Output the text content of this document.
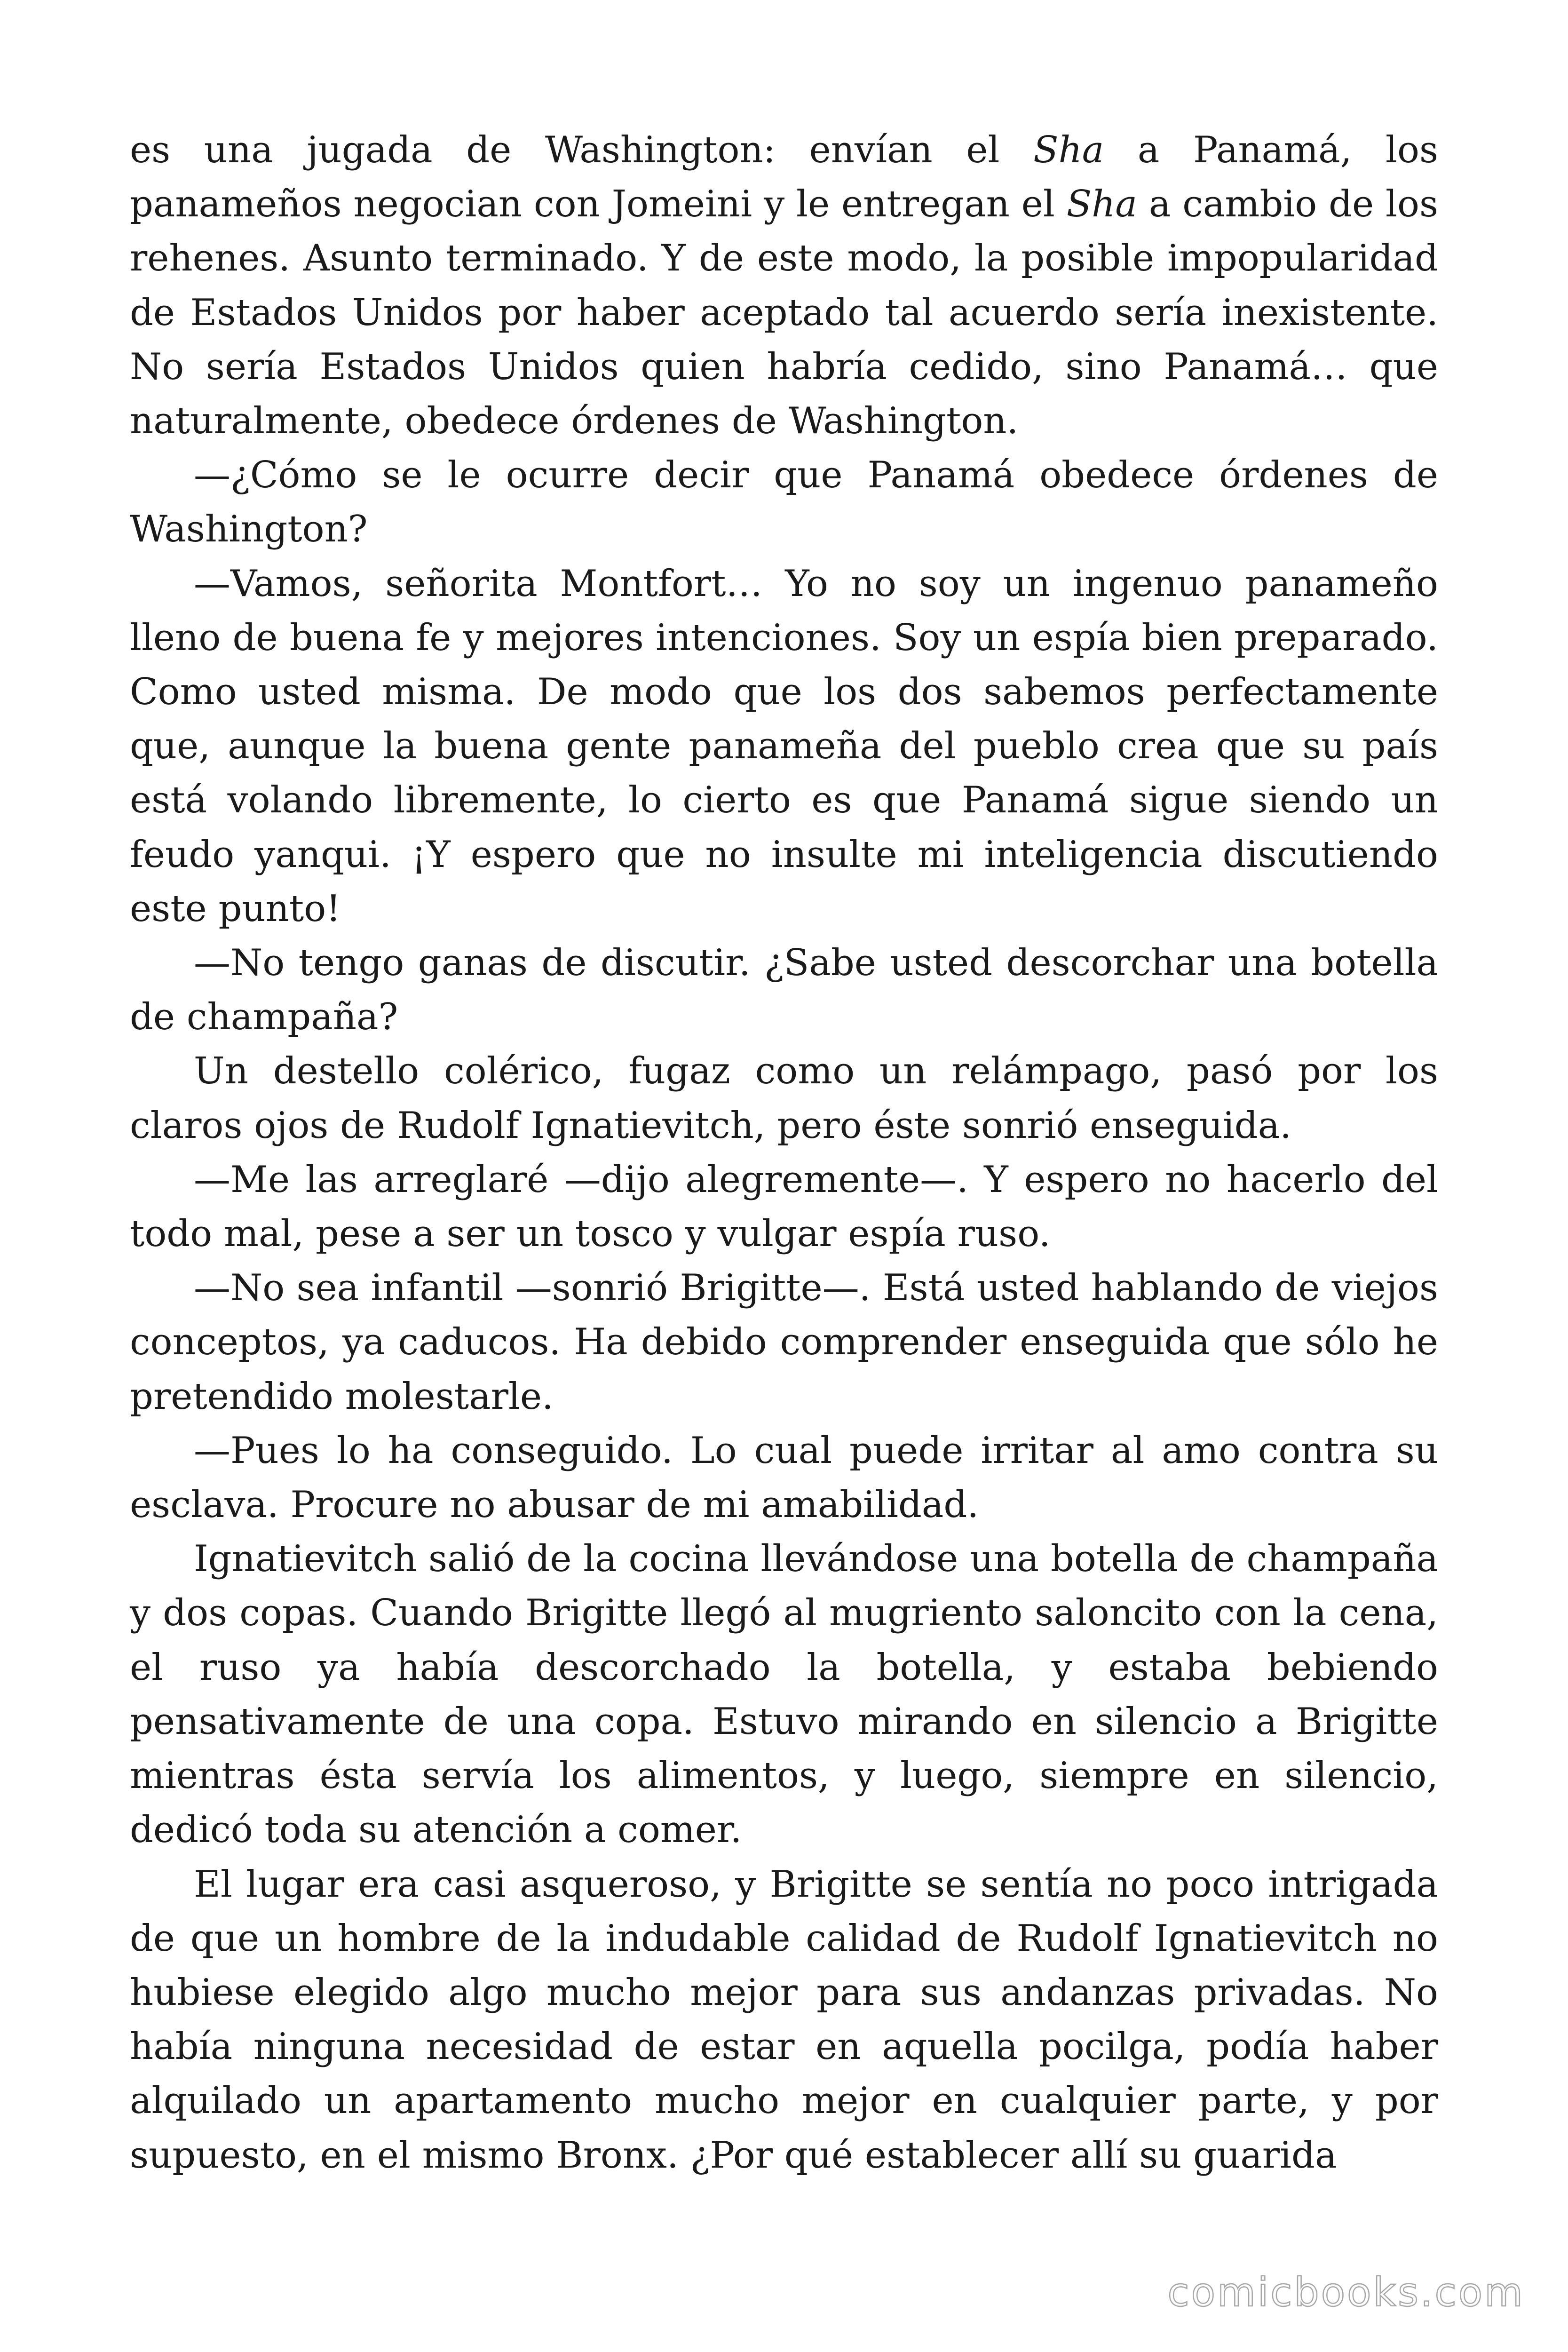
es una jugada de Washington: envían el Sha a Panamá, los panameños negocian con Jomeini y le entregan el Sha a cambio de los rehenes. Asunto terminado. Y de este modo, la posible impopularidad de Estados Unidos por haber aceptado tal acuerdo sería inexistente. No sería Estados Unidos quien habría cedido, sino Panamá… que naturalmente, obedece órdenes de Washington.

—¿Cómo se le ocurre decir que Panamá obedece órdenes de Washington?

—Vamos, señorita Montfort… Yo no soy un ingenuo panameño lleno de buena fe y mejores intenciones. Soy un espía bien preparado. Como usted misma. De modo que los dos sabemos perfectamente que, aunque la buena gente panameña del pueblo crea que su país está volando libremente, lo cierto es que Panamá sigue siendo un feudo yanqui. ¡Y espero que no insulte mi inteligencia discutiendo este punto!

—No tengo ganas de discutir. ¿Sabe usted descorchar una botella de champaña?

Un destello colérico, fugaz como un relámpago, pasó por los claros ojos de Rudolf Ignatievitch, pero éste sonrió enseguida.

—Me las arreglaré —dijo alegremente—. Y espero no hacerlo del todo mal, pese a ser un tosco y vulgar espía ruso.

—No sea infantil —sonrió Brigitte—. Está usted hablando de viejos conceptos, ya caducos. Ha debido comprender enseguida que sólo he pretendido molestarle.

—Pues lo ha conseguido. Lo cual puede irritar al amo contra su esclava. Procure no abusar de mi amabilidad.

Ignatievitch salió de la cocina llevándose una botella de champaña y dos copas. Cuando Brigitte llegó al mugriento saloncito con la cena, el ruso ya había descorchado la botella, y estaba bebiendo pensativamente de una copa. Estuvo mirando en silencio a Brigitte mientras ésta servía los alimentos, y luego, siempre en silencio, dedicó toda su atención a comer.

El lugar era casi asqueroso, y Brigitte se sentía no poco intrigada de que un hombre de la indudable calidad de Rudolf Ignatievitch no hubiese elegido algo mucho mejor para sus andanzas privadas. No había ninguna necesidad de estar en aquella pocilga, podía haber alquilado un apartamento mucho mejor en cualquier parte, y por supuesto, en el mismo Bronx. ¿Por qué establecer allí su guarida

comicbooks.com
